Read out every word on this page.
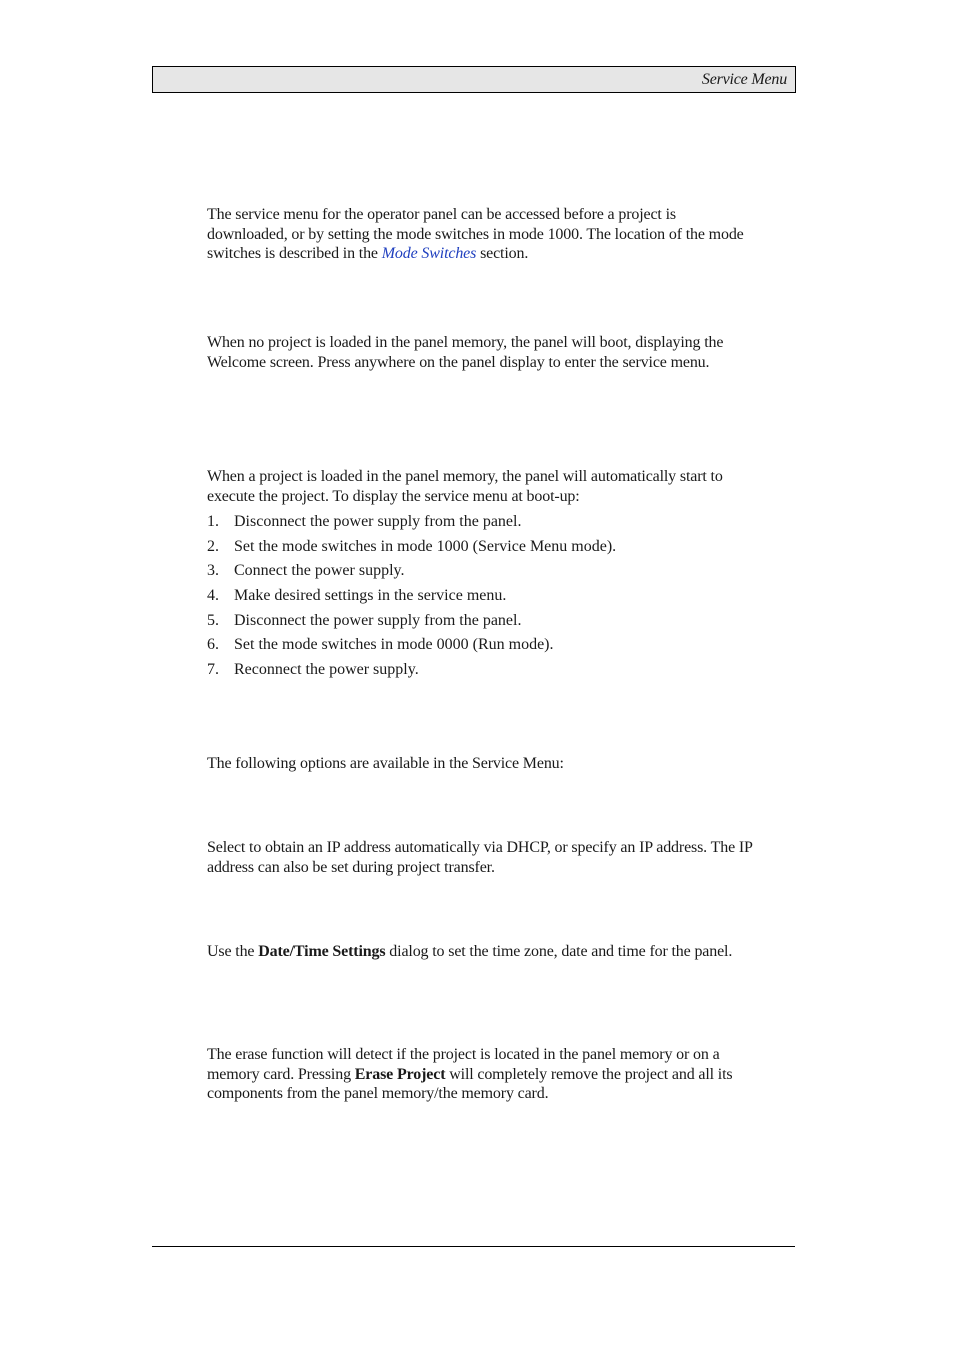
Service Menu

The service menu for the operator panel can be accessed before a project is downloaded, or by setting the mode switches in mode 1000. The location of the mode switches is described in the Mode Switches section.

When no project is loaded in the panel memory, the panel will boot, displaying the Welcome screen. Press anywhere on the panel display to enter the service menu.

When a project is loaded in the panel memory, the panel will automatically start to execute the project. To display the service menu at boot-up:

1. Disconnect the power supply from the panel.
2. Set the mode switches in mode 1000 (Service Menu mode).
3. Connect the power supply.
4. Make desired settings in the service menu.
5. Disconnect the power supply from the panel.
6. Set the mode switches in mode 0000 (Run mode).
7. Reconnect the power supply.

The following options are available in the Service Menu:

Select to obtain an IP address automatically via DHCP, or specify an IP address. The IP address can also be set during project transfer.

Use the Date/Time Settings dialog to set the time zone, date and time for the panel.

The erase function will detect if the project is located in the panel memory or on a memory card. Pressing Erase Project will completely remove the project and all its components from the panel memory/the memory card.
